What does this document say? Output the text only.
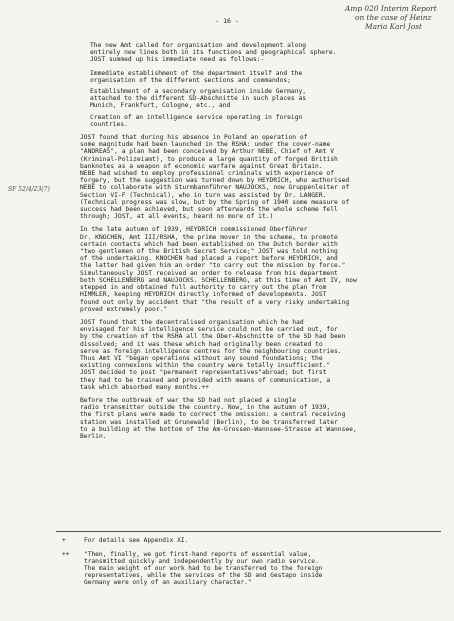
- 16 -
Amp 020 Interim Report
on the case of Heinz
Maria Karl Jost
SF 52/4/23(7)

The new Amt called for organisation and development along
entirely new lines both in its functions and geographical sphere.
JOST summed up his immediate need as follows:-

Immediate establishment of the department itself and the
organisation of the different sections and commandos;

Establishment of a secondary organisation inside Germany,
attached to the different SD-Abschnitte in such places as
Munich, Frankfurt, Cologne, etc., and

Creation of an intelligence service operating in foreign
countries.

JOST found that during his absence in Poland an operation of
some magnitude had been launched in the RSHA: under the cover-name
"ANDREAS", a plan had been conceived by Arthur NEBE, Chief of Amt V
(Kriminal-Polizeiamt), to produce a large quantity of forged British
banknotes as a weapon of economic warfare against Great Britain.
NEBE had wished to employ professional criminals with experience of
forgery, but the suggestion was turned down by HEYDRICH, who authorised
NEBE to collaborate with Sturmbannführer NAUJOCKS, now Gruppenleiter of
Section VI-F (Technical), who in turn was assisted by Dr. LANGER.
(Technical progress was slow, but by the Spring of 1940 some measure of
success had been achieved, but soon afterwards the whole scheme fell
through; JOST, at all events, heard no more of it.)

In the late autumn of 1939, HEYDRICH commissioned Oberführer
Dr. KNOCHEN, Amt III/RSHA, the prime mover in the scheme, to promote
certain contacts which had been established on the Dutch border with
"two gentlemen of the British Secret Service;" JOST was told nothing
of the undertaking. KNOCHEN had placed a report before HEYDRICH, and
the latter had given him an order "to carry out the mission by force."
Simultaneously JOST received an order to release from his department
both SCHELLENBERG and NAUJOCKS. SCHELLENBERG, at this time of Amt IV, now
stepped in and obtained full authority to carry out the plan from
HIMMLER, keeping HEYDRICH directly informed of developments. JOST
found out only by accident that "the result of a very risky undertaking
proved extremely poor."

JOST found that the decentralised organisation which he had
envisaged for his intelligence service could not be carried out, for
by the creation of the RSHA all the Ober-Abschnitte of the SD had been
dissolved; and it was these which had originally been created to
serve as foreign intelligence centres for the neighbouring countries.
Thus Amt VI "began operations without any sound foundations; the
existing connexions within the country were totally insufficient."
JOST decided to post "permanent representatives"abroad; but first
they had to be trained and provided with means of communication, a
task which absorbed many months.++

Before the outbreak of war the SD had not placed a single
radio transmitter outside the country. Now, in the autumn of 1939,
the first plans were made to correct the omission: a central receiving
station was installed at Grunewald (Berlin), to be transferred later
to a building at the bottom of the Am-Grossen-Wannsee-Strasse at Wannsee,
Berlin.

+	For details see Appendix XI.

++ "Then, finally, we got first-hand reports of essential value,
transmitted quickly and independently by our own radio service.
The main weight of our work had to be transferred to the foreign
representatives, while the services of the SD and Gestapo inside
Germany were only of an auxiliary character."
